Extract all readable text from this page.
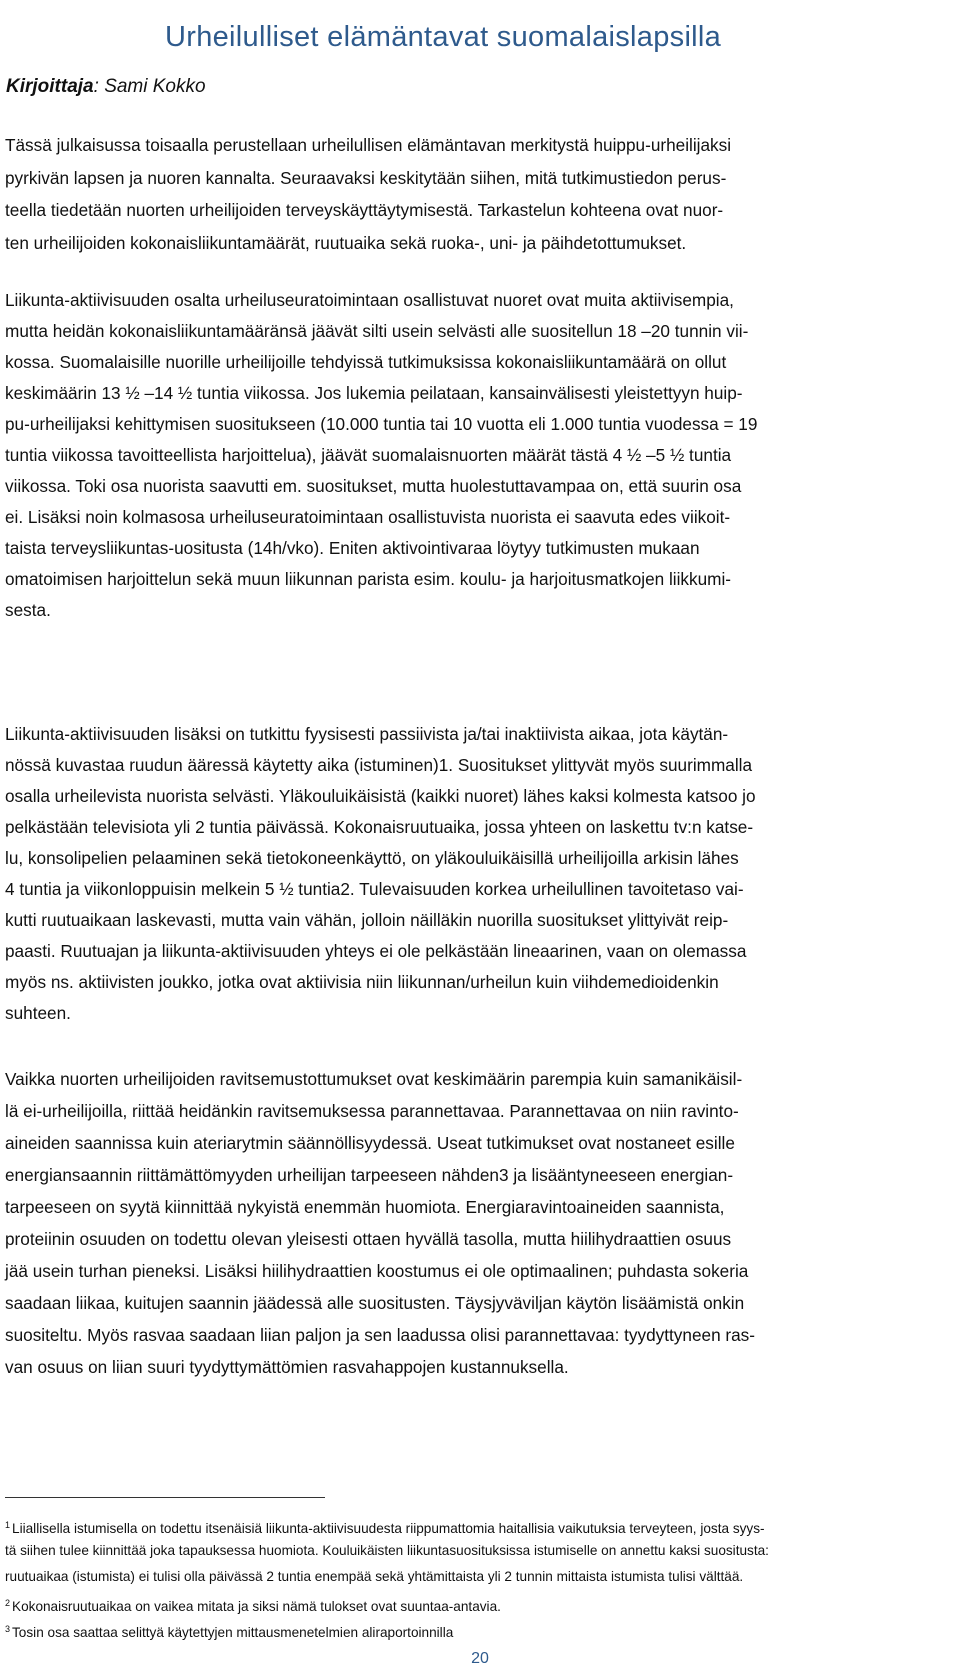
Urheilulliset elämäntavat suomalaislapsilla
Kirjoittaja: Sami Kokko
Tässä julkaisussa toisaalla perustellaan urheilullisen elämäntavan merkitystä huippu-urheilijaksi
pyrkivän lapsen ja nuoren kannalta. Seuraavaksi keskitytään siihen, mitä tutkimustiedon perus-
teella tiedetään nuorten urheilijoiden terveyskäyttäytymisestä. Tarkastelun kohteena ovat nuor-
ten urheilijoiden kokonaisliikuntamäärät, ruutuaika sekä ruoka-, uni- ja päihdetottumukset.
Liikunta-aktiivisuuden osalta urheiluseuratoimintaan osallistuvat nuoret ovat muita aktiivisempia,
mutta heidän kokonaisliikuntamääränsä jäävät silti usein selvästi alle suositellun 18 –20 tunnin vii-
kossa. Suomalaisille nuorille urheilijoille tehdyissä tutkimuksissa kokonaisliikuntamäärä on ollut
keskimäärin 13 ½ –14 ½ tuntia viikossa. Jos lukemia peilataan, kansainvälisesti yleistettyyn huip-
pu-urheilijaksi kehittymisen suositukseen (10.000 tuntia tai 10 vuotta eli 1.000 tuntia vuodessa = 19
tuntia viikossa tavoitteellista harjoittelua), jäävät suomalaisnuorten määrät tästä 4 ½ –5 ½ tuntia
viikossa. Toki osa nuorista saavutti em. suositukset, mutta huolestuttavampaa on, että suurin osa
ei. Lisäksi noin kolmasosa urheiluseuratoimintaan osallistuvista nuorista ei saavuta edes viikoit-
taista terveysliikuntas-uositusta (14h/vko). Eniten aktivointivaraa löytyy tutkimusten mukaan
omatoimisen harjoittelun sekä muun liikunnan parista esim. koulu- ja harjoitusmatkojen liikkumi-
sesta.
Liikunta-aktiivisuuden lisäksi on tutkittu fyysisesti passiivista ja/tai inaktiivista aikaa, jota käytän-
nössä kuvastaa ruudun ääressä käytetty aika (istuminen)1. Suositukset ylittyvät myös suurimmalla
osalla urheilevista nuorista selvästi. Yläkouluikäisistä (kaikki nuoret) lähes kaksi kolmesta katsoo jo
pelkästään televisiota yli 2 tuntia päivässä. Kokonaisruutuaika, jossa yhteen on laskettu tv:n katse-
lu, konsolipelien pelaaminen sekä tietokoneenkäyttö, on yläkouluikäisillä urheilijoilla arkisin lähes
4 tuntia ja viikonloppuisin melkein 5 ½ tuntia2. Tulevaisuuden korkea urheilullinen tavoitetaso vai-
kutti ruutuaikaan laskevasti, mutta vain vähän, jolloin näilläkin nuorilla suositukset ylittyivät reip-
paasti. Ruutuajan ja liikunta-aktiivisuuden yhteys ei ole pelkästään lineaarinen, vaan on olemassa
myös ns. aktiivisten joukko, jotka ovat aktiivisia niin liikunnan/urheilun kuin viihdemedioidenkin
suhteen.
Vaikka nuorten urheilijoiden ravitsemustottumukset ovat keskimäärin parempia kuin samanikäisil-
lä ei-urheilijoilla, riittää heidänkin ravitsemuksessa parannettavaa. Parannettavaa on niin ravinto-
aineiden saannissa kuin ateriarytmin säännöllisyydessä. Useat tutkimukset ovat nostaneet esille
energiansaannin riittämättömyyden urheilijan tarpeeseen nähden3 ja lisääntyneeseen energian-
tarpeeseen on syytä kiinnittää nykyistä enemmän huomiota. Energiaravintoaineiden saannista,
proteiinin osuuden on todettu olevan yleisesti ottaen hyvällä tasolla, mutta hiilihydraattien osuus
jää usein turhan pieneksi. Lisäksi hiilihydraattien koostumus ei ole optimaalinen; puhdasta sokeria
saadaan liikaa, kuitujen saannin jäädessä alle suositusten. Täysjyväviljan käytön lisäämistä onkin
suositeltu. Myös rasvaa saadaan liian paljon ja sen laadussa olisi parannettavaa: tyydyttyneen ras-
van osuus on liian suuri tyydyttymättömien rasvahappojen kustannuksella.
$^1$ Liiallisella istumisella on todettu itsenäisiä liikunta-aktiivisuudesta riippumattomia haitallisia vaikutuksia terveyteen, josta syys-
tä siihen tulee kiinnittää joka tapauksessa huomiota. Kouluikäisten liikuntasuosituksissa istumiselle on annettu kaksi suositusta:
ruutuaikaa (istumista) ei tulisi olla päivässä 2 tuntia enempää sekä yhtämittaista yli 2 tunnin mittaista istumista tulisi välttää.
$^2$ Kokonaisruutuaikaa on vaikea mitata ja siksi nämä tulokset ovat suuntaa-antavia.
$^3$ Tosin osa saattaa selittyä käytettyjen mittausmenetelmien aliraportoinnilla
20
